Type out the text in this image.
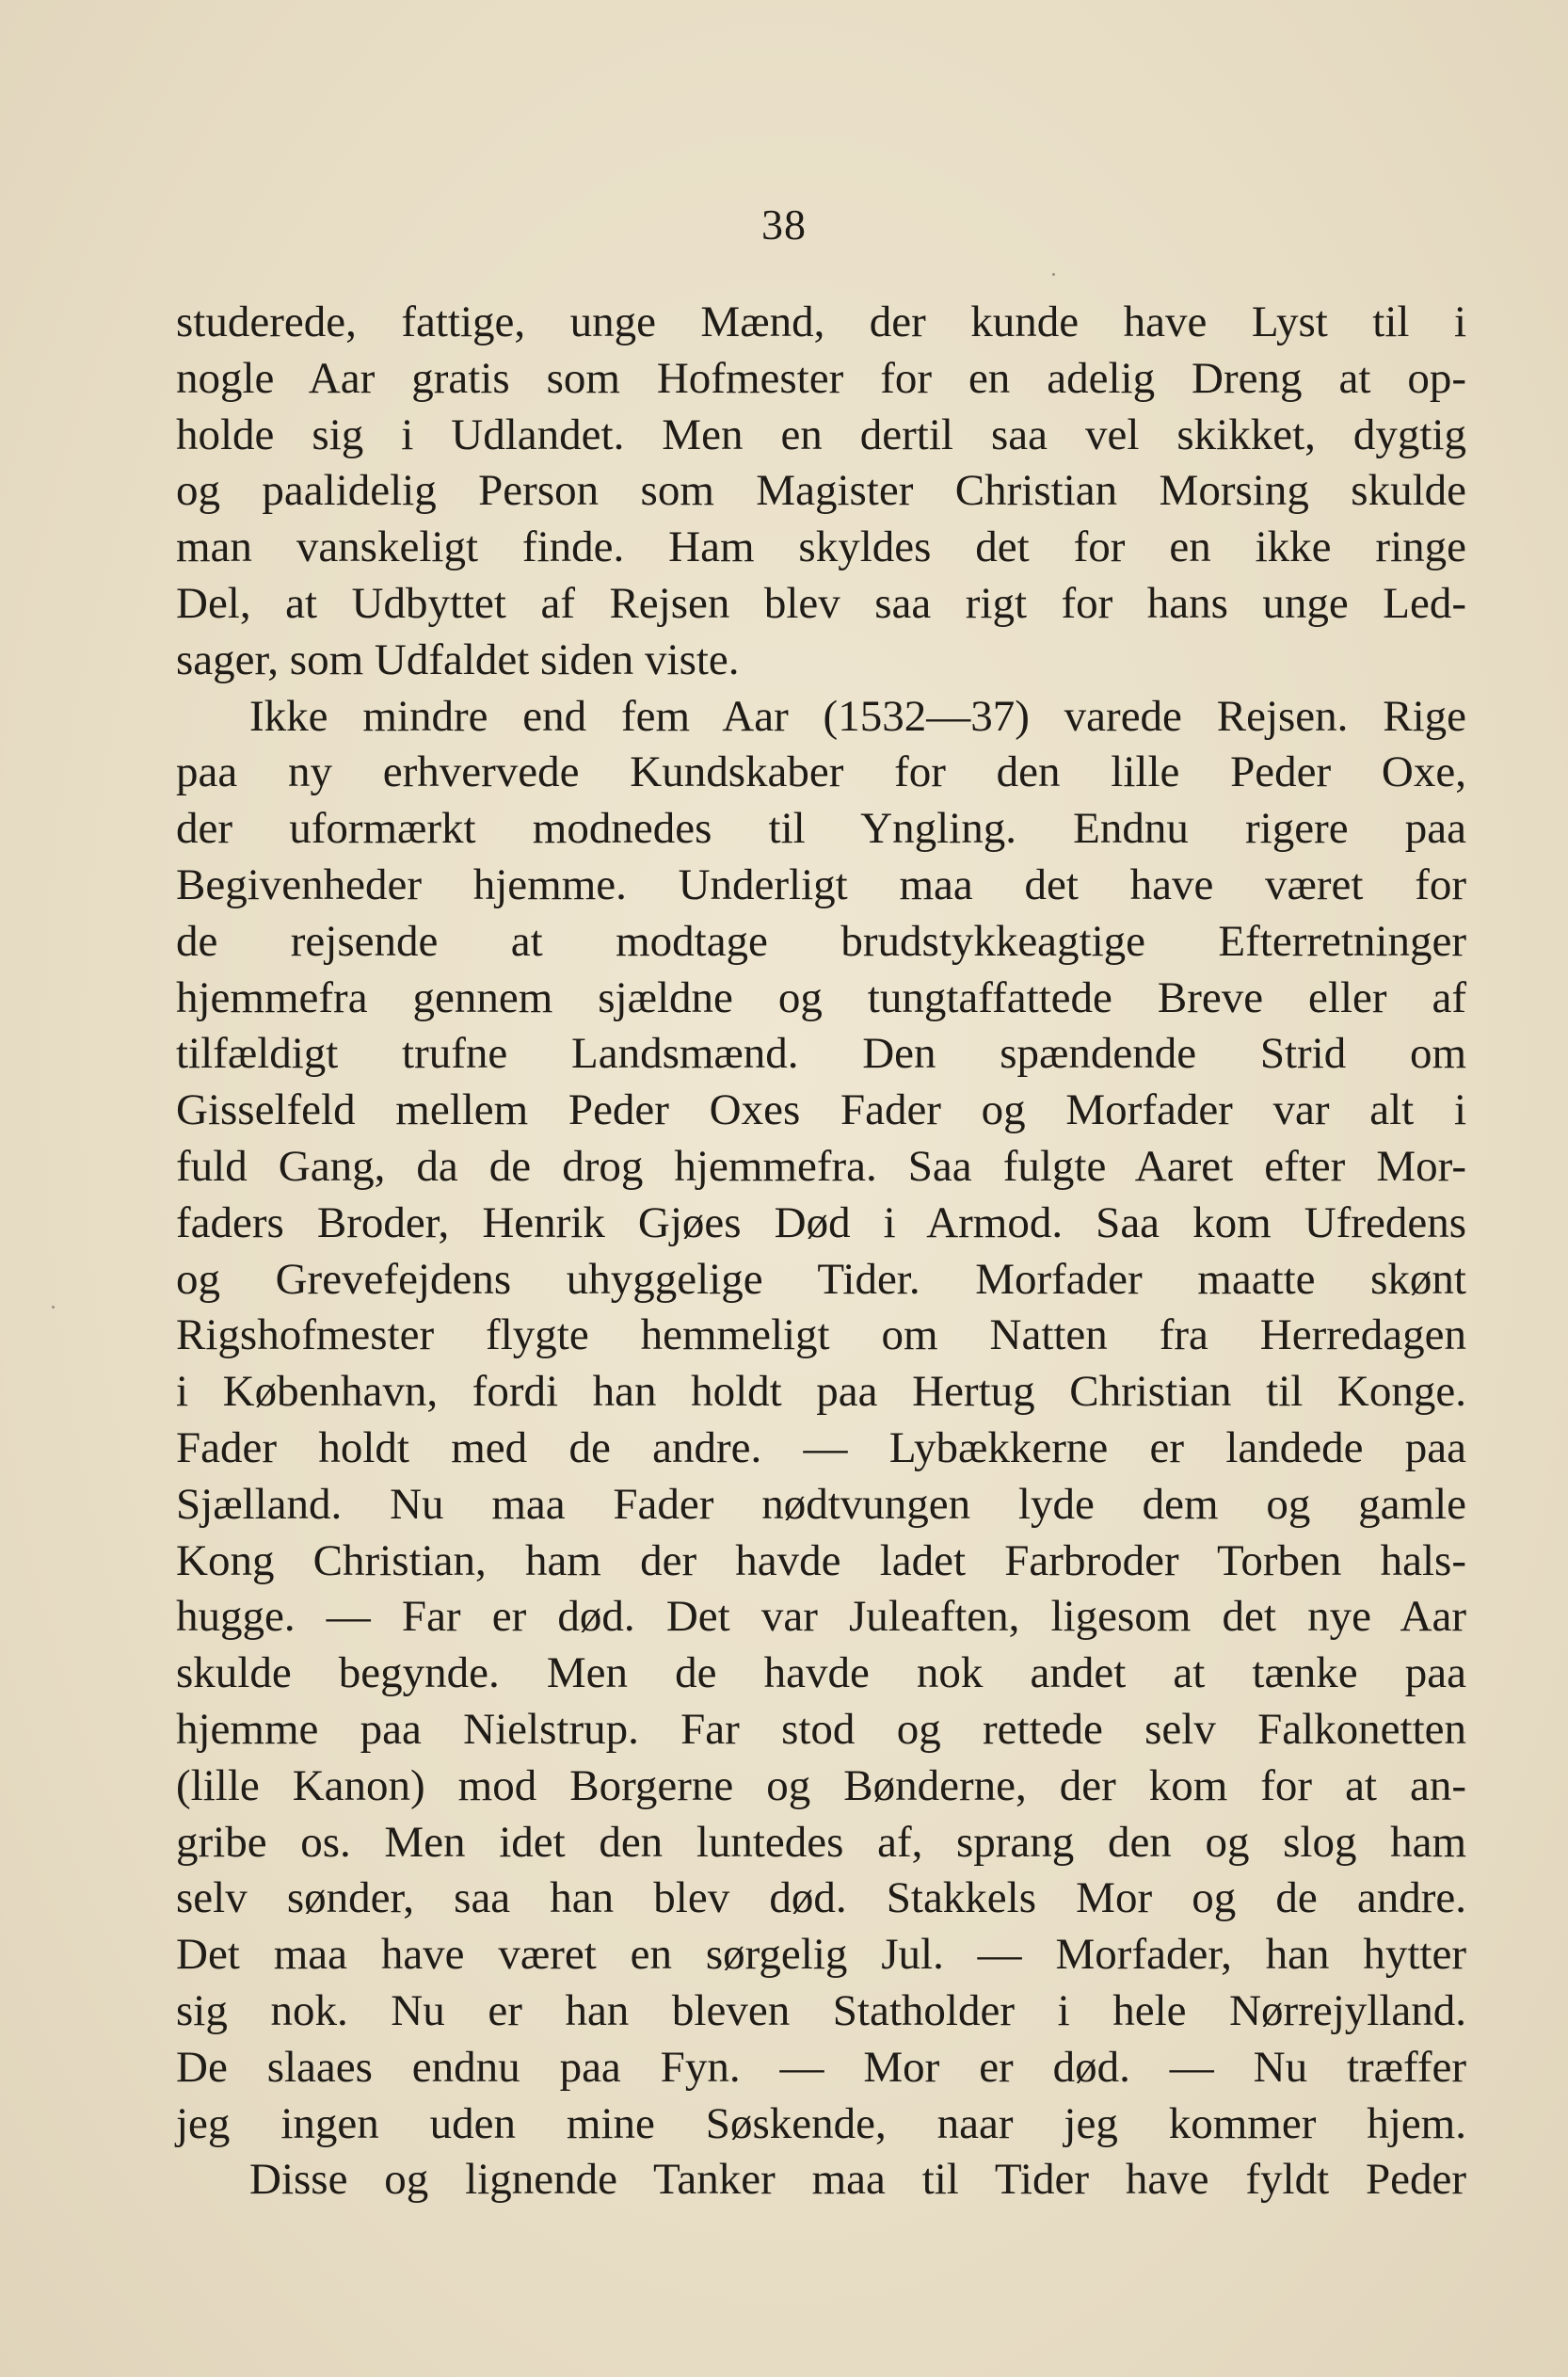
38
studerede, fattige, unge Mænd, der kunde have Lyst til i
nogle Aar gratis som Hofmester for en adelig Dreng at op-
holde sig i Udlandet. Men en dertil saa vel skikket, dygtig
og paalidelig Person som Magister Christian Morsing skulde
man vanskeligt finde. Ham skyldes det for en ikke ringe
Del, at Udbyttet af Rejsen blev saa rigt for hans unge Led-
sager, som Udfaldet siden viste.
Ikke mindre end fem Aar (1532—37) varede Rejsen. Rige
paa ny erhvervede Kundskaber for den lille Peder Oxe,
der uformærkt modnedes til Yngling. Endnu rigere paa
Begivenheder hjemme. Underligt maa det have været for
de rejsende at modtage brudstykkeagtige Efterretninger
hjemmefra gennem sjældne og tungtaffattede Breve eller af
tilfældigt trufne Landsmænd. Den spændende Strid om
Gisselfeld mellem Peder Oxes Fader og Morfader var alt i
fuld Gang, da de drog hjemmefra. Saa fulgte Aaret efter Mor-
faders Broder, Henrik Gjøes Død i Armod. Saa kom Ufredens
og Grevefejdens uhyggelige Tider. Morfader maatte skønt
Rigshofmester flygte hemmeligt om Natten fra Herredagen
i København, fordi han holdt paa Hertug Christian til Konge.
Fader holdt med de andre. — Lybækkerne er landede paa
Sjælland. Nu maa Fader nødtvungen lyde dem og gamle
Kong Christian, ham der havde ladet Farbroder Torben hals-
hugge. — Far er død. Det var Juleaften, ligesom det nye Aar
skulde begynde. Men de havde nok andet at tænke paa
hjemme paa Nielstrup. Far stod og rettede selv Falkonetten
(lille Kanon) mod Borgerne og Bønderne, der kom for at an-
gribe os. Men idet den luntedes af, sprang den og slog ham
selv sønder, saa han blev død. Stakkels Mor og de andre.
Det maa have været en sørgelig Jul. — Morfader, han hytter
sig nok. Nu er han bleven Statholder i hele Nørrejylland.
De slaaes endnu paa Fyn. — Mor er død. — Nu træffer
jeg ingen uden mine Søskende, naar jeg kommer hjem.
Disse og lignende Tanker maa til Tider have fyldt Peder
